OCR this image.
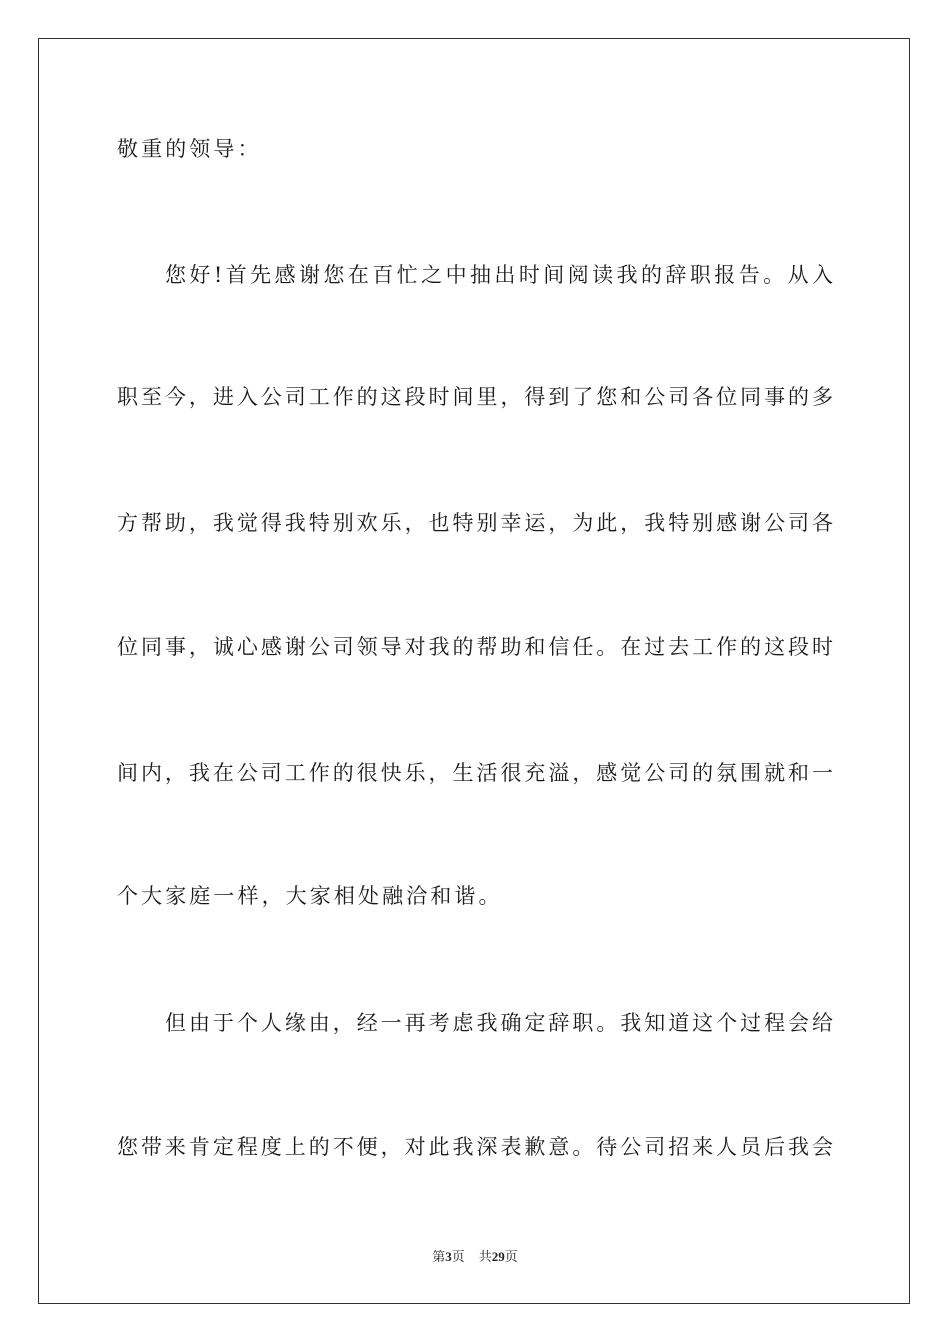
敬重的领导：
您好!首先感谢您在百忙之中抽出时间阅读我的辞职报告。从入
职至今，进入公司工作的这段时间里，得到了您和公司各位同事的多
方帮助，我觉得我特别欢乐，也特别幸运，为此，我特别感谢公司各
位同事，诚心感谢公司领导对我的帮助和信任。在过去工作的这段时
间内，我在公司工作的很快乐，生活很充溢，感觉公司的氛围就和一
个大家庭一样，大家相处融洽和谐。
但由于个人缘由，经一再考虑我确定辞职。我知道这个过程会给
您带来肯定程度上的不便，对此我深表歉意。待公司招来人员后我会
第3页 共29页
